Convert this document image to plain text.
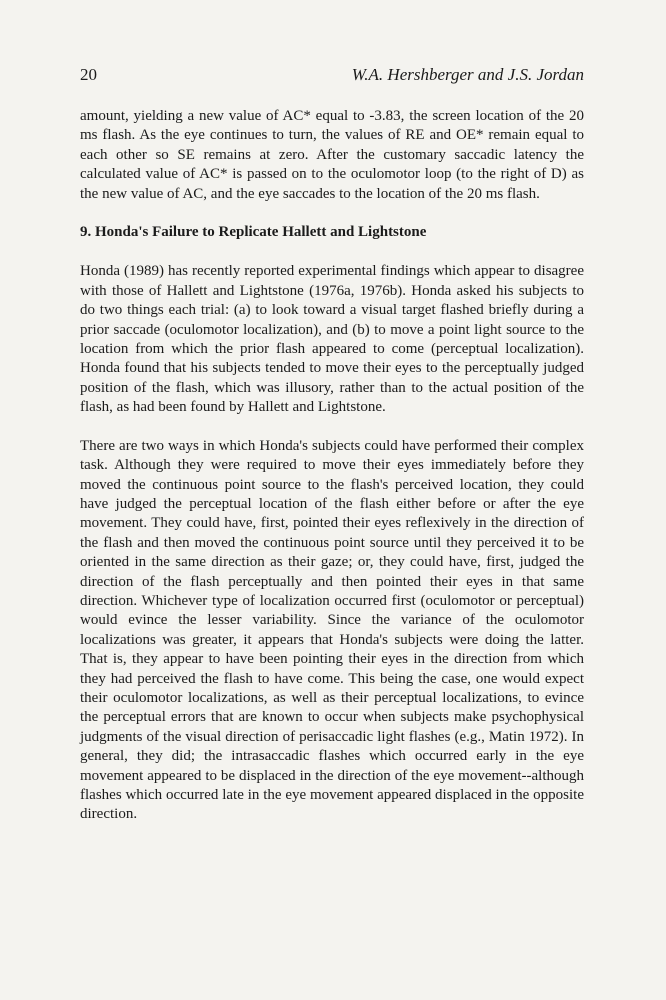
20	W.A. Hershberger and J.S. Jordan

amount, yielding a new value of AC* equal to -3.83, the screen location of the 20 ms flash. As the eye continues to turn, the values of RE and OE* remain equal to each other so SE remains at zero. After the customary saccadic latency the calculated value of AC* is passed on to the oculomotor loop (to the right of D) as the new value of AC, and the eye saccades to the location of the 20 ms flash.

9. Honda's Failure to Replicate Hallett and Lightstone

Honda (1989) has recently reported experimental findings which appear to disagree with those of Hallett and Lightstone (1976a, 1976b). Honda asked his subjects to do two things each trial: (a) to look toward a visual target flashed briefly during a prior saccade (oculomotor localization), and (b) to move a point light source to the location from which the prior flash appeared to come (perceptual localization). Honda found that his subjects tended to move their eyes to the perceptually judged position of the flash, which was illusory, rather than to the actual position of the flash, as had been found by Hallett and Lightstone.

There are two ways in which Honda's subjects could have performed their complex task. Although they were required to move their eyes immediately before they moved the continuous point source to the flash's perceived location, they could have judged the perceptual location of the flash either before or after the eye movement. They could have, first, pointed their eyes reflexively in the direction of the flash and then moved the continuous point source until they perceived it to be oriented in the same direction as their gaze; or, they could have, first, judged the direction of the flash perceptually and then pointed their eyes in that same direction. Whichever type of localization occurred first (oculomotor or perceptual) would evince the lesser variability. Since the variance of the oculomotor localizations was greater, it appears that Honda's subjects were doing the latter. That is, they appear to have been pointing their eyes in the direction from which they had perceived the flash to have come. This being the case, one would expect their oculomotor localizations, as well as their perceptual localizations, to evince the perceptual errors that are known to occur when subjects make psychophysical judgments of the visual direction of perisaccadic light flashes (e.g., Matin 1972). In general, they did; the intrasaccadic flashes which occurred early in the eye movement appeared to be displaced in the direction of the eye movement--although flashes which occurred late in the eye movement appeared displaced in the opposite direction.
